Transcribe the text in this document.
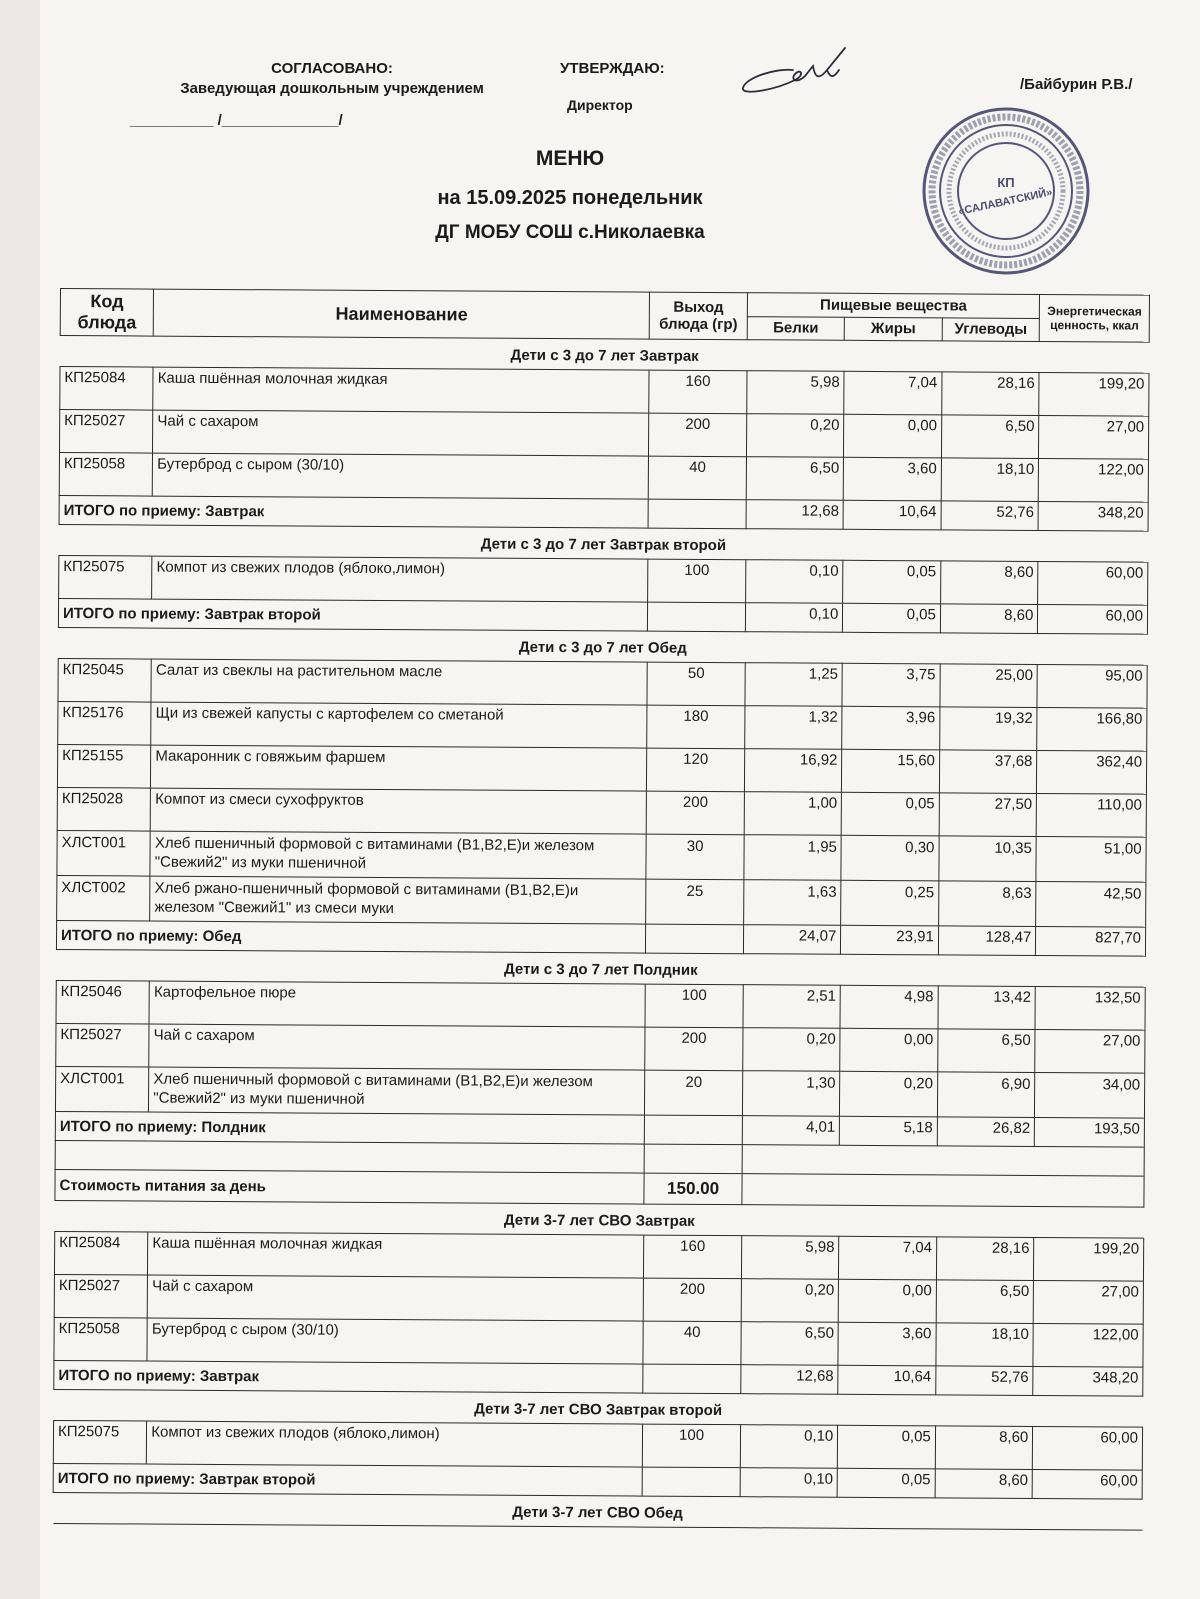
СОГЛАСОВАНО:
Заведующая дошкольным учреждением
__________ /______________/
УТВЕРЖДАЮ:
Директор
/Байбурин Р.В./
КП
«САЛАВАТСКИЙ»
МЕНЮ
на 15.09.2025 понедельник
ДГ МОБУ СОШ с.Николаевка
Код блюда	Наименование	Выход блюда (гр)	Пищевые вещества			Энергетическая ценность, ккал
			Белки	Жиры	Углеводы	
Дети с 3 до 7 лет Завтрак						
КП25084	Каша пшённая молочная жидкая	160	5,98	7,04	28,16	199,20
КП25027	Чай с сахаром	200	0,20	0,00	6,50	27,00
КП25058	Бутерброд с сыром (30/10)	40	6,50	3,60	18,10	122,00
ИТОГО по приему: Завтрак			12,68	10,64	52,76	348,20
Дети с 3 до 7 лет Завтрак второй						
КП25075	Компот из свежих плодов (яблоко,лимон)	100	0,10	0,05	8,60	60,00
ИТОГО по приему: Завтрак второй			0,10	0,05	8,60	60,00
Дети с 3 до 7 лет Обед						
КП25045	Салат из свеклы на растительном масле	50	1,25	3,75	25,00	95,00
КП25176	Щи из свежей капусты с картофелем со сметаной	180	1,32	3,96	19,32	166,80
КП25155	Макаронник с говяжьим фаршем	120	16,92	15,60	37,68	362,40
КП25028	Компот из смеси сухофруктов	200	1,00	0,05	27,50	110,00
ХЛСТ001	Хлеб пшеничный формовой с витаминами (В1,В2,Е)и железом "Свежий2" из муки пшеничной	30	1,95	0,30	10,35	51,00
ХЛСТ002	Хлеб ржано-пшеничный формовой с витаминами (В1,В2,Е)и железом "Свежий1" из смеси муки	25	1,63	0,25	8,63	42,50
ИТОГО по приему: Обед			24,07	23,91	128,47	827,70
Дети с 3 до 7 лет Полдник						
КП25046	Картофельное пюре	100	2,51	4,98	13,42	132,50
КП25027	Чай с сахаром	200	0,20	0,00	6,50	27,00
ХЛСТ001	Хлеб пшеничный формовой с витаминами (В1,В2,Е)и железом "Свежий2" из муки пшеничной	20	1,30	0,20	6,90	34,00
ИТОГО по приему: Полдник			4,01	5,18	26,82	193,50

Стоимость питания за день		150.00				
Дети 3-7 лет СВО Завтрак						
КП25084	Каша пшённая молочная жидкая	160	5,98	7,04	28,16	199,20
КП25027	Чай с сахаром	200	0,20	0,00	6,50	27,00
КП25058	Бутерброд с сыром (30/10)	40	6,50	3,60	18,10	122,00
ИТОГО по приему: Завтрак			12,68	10,64	52,76	348,20
Дети 3-7 лет СВО Завтрак второй						
КП25075	Компот из свежих плодов (яблоко,лимон)	100	0,10	0,05	8,60	60,00
ИТОГО по приему: Завтрак второй			0,10	0,05	8,60	60,00
Дети 3-7 лет СВО Обед						
